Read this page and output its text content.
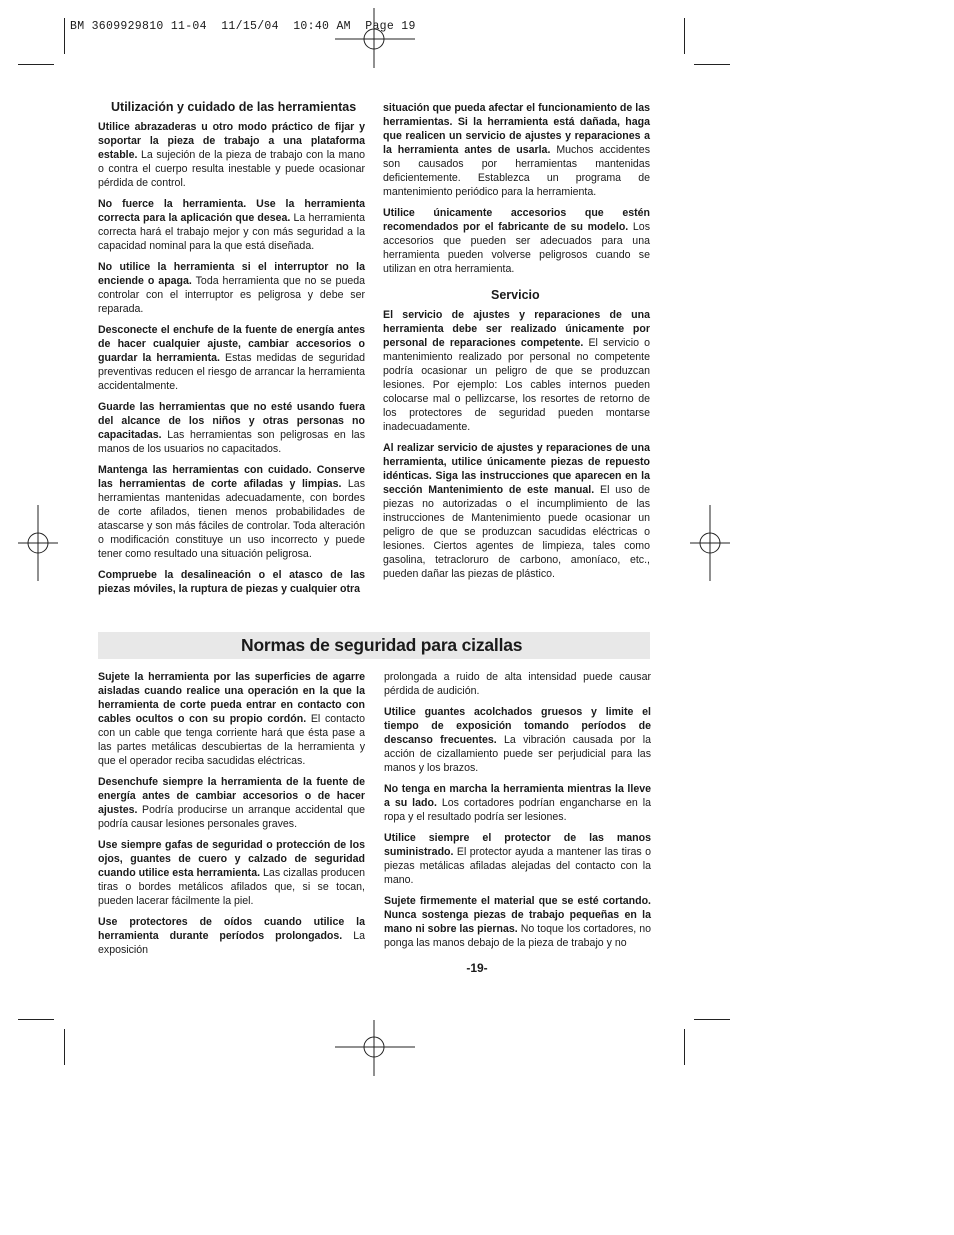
BM 3609929810 11-04  11/15/04  10:40 AM  Page 19
Utilización y cuidado de las herramientas

Utilice abrazaderas u otro modo práctico de fijar y soportar la pieza de trabajo a una plataforma estable. La sujeción de la pieza de trabajo con la mano o contra el cuerpo resulta inestable y puede ocasionar pérdida de control.

No fuerce la herramienta. Use la herramienta correcta para la aplicación que desea. La herramienta correcta hará el trabajo mejor y con más seguridad a la capacidad nominal para la que está diseñada.

No utilice la herramienta si el interruptor no la enciende o apaga. Toda herramienta que no se pueda controlar con el interruptor es peligrosa y debe ser reparada.

Desconecte el enchufe de la fuente de energía antes de hacer cualquier ajuste, cambiar accesorios o guardar la herramienta. Estas medidas de seguridad preventivas reducen el riesgo de arrancar la herramienta accidentalmente.

Guarde las herramientas que no esté usando fuera del alcance de los niños y otras personas no capacitadas. Las herramientas son peligrosas en las manos de los usuarios no capacitados.

Mantenga las herramientas con cuidado. Conserve las herramientas de corte afiladas y limpias. Las herramientas mantenidas adecuadamente, con bordes de corte afilados, tienen menos probabilidades de atascarse y son más fáciles de controlar. Toda alteración o modificación constituye un uso incorrecto y puede tener como resultado una situación peligrosa.

Compruebe la desalineación o el atasco de las piezas móviles, la ruptura de piezas y cualquier otra

situación que pueda afectar el funcionamiento de las herramientas. Si la herramienta está dañada, haga que realicen un servicio de ajustes y reparaciones a la herramienta antes de usarla. Muchos accidentes son causados por herramientas mantenidas deficientemente. Establezca un programa de mantenimiento periódico para la herramienta.

Utilice únicamente accesorios que estén recomendados por el fabricante de su modelo. Los accesorios que pueden ser adecuados para una herramienta pueden volverse peligrosos cuando se utilizan en otra herramienta.

Servicio

El servicio de ajustes y reparaciones de una herramienta debe ser realizado únicamente por personal de reparaciones competente. El servicio o mantenimiento realizado por personal no competente podría ocasionar un peligro de que se produzcan lesiones. Por ejemplo: Los cables internos pueden colocarse mal o pellizcarse, los resortes de retorno de los protectores de seguridad pueden montarse inadecuadamente.

Al realizar servicio de ajustes y reparaciones de una herramienta, utilice únicamente piezas de repuesto idénticas. Siga las instrucciones que aparecen en la sección Mantenimiento de este manual. El uso de piezas no autorizadas o el incumplimiento de las instrucciones de Mantenimiento puede ocasionar un peligro de que se produzcan sacudidas eléctricas o lesiones. Ciertos agentes de limpieza, tales como gasolina, tetracloruro de carbono, amoníaco, etc., pueden dañar las piezas de plástico.

Normas de seguridad para cizallas

Sujete la herramienta por las superficies de agarre aisladas cuando realice una operación en la que la herramienta de corte pueda entrar en contacto con cables ocultos o con su propio cordón. El contacto con un cable que tenga corriente hará que ésta pase a las partes metálicas descubiertas de la herramienta y que el operador reciba sacudidas eléctricas.

Desenchufe siempre la herramienta de la fuente de energía antes de cambiar accesorios o de hacer ajustes. Podría producirse un arranque accidental que podría causar lesiones personales graves.

Use siempre gafas de seguridad o protección de los ojos, guantes de cuero y calzado de seguridad cuando utilice esta herramienta. Las cizallas producen tiras o bordes metálicos afilados que, si se tocan, pueden lacerar fácilmente la piel.

Use protectores de oídos cuando utilice la herramienta durante períodos prolongados. La exposición

prolongada a ruido de alta intensidad puede causar pérdida de audición.

Utilice guantes acolchados gruesos y limite el tiempo de exposición tomando períodos de descanso frecuentes. La vibración causada por la acción de cizallamiento puede ser perjudicial para las manos y los brazos.

No tenga en marcha la herramienta mientras la lleve a su lado. Los cortadores podrían engancharse en la ropa y el resultado podría ser lesiones.

Utilice siempre el protector de las manos suministrado. El protector ayuda a mantener las tiras o piezas metálicas afiladas alejadas del contacto con la mano.

Sujete firmemente el material que se esté cortando. Nunca sostenga piezas de trabajo pequeñas en la mano ni sobre las piernas. No toque los cortadores, no ponga las manos debajo de la pieza de trabajo y no

-19-
